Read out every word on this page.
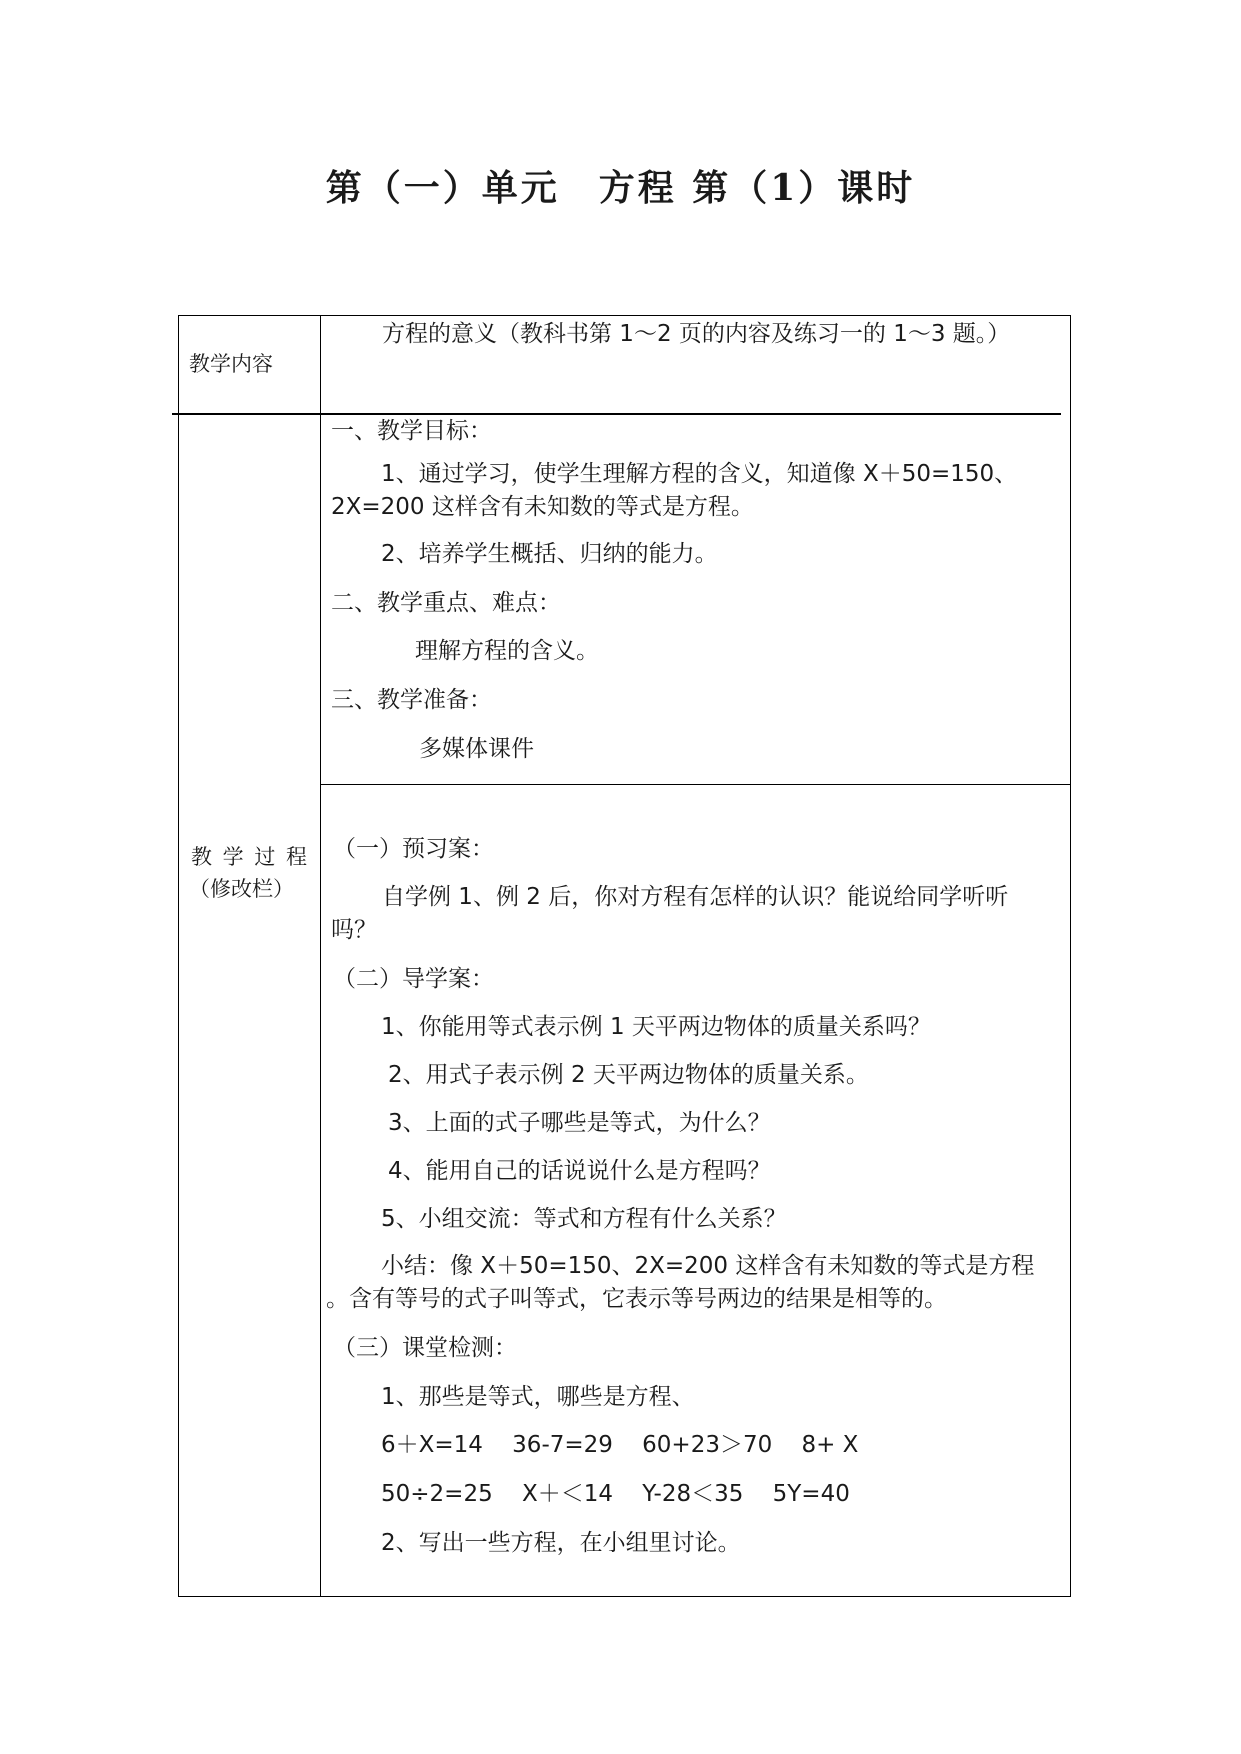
第（一）单元　方程 第（1）课时
教学内容
方程的意义（教科书第 1～2 页的内容及练习一的 1～3 题。）
教 学 过 程
（修改栏）
一、教学目标：
1、通过学习，使学生理解方程的含义，知道像 X＋50=150、
2X=200 这样含有未知数的等式是方程。
2、培养学生概括、归纳的能力。
二、教学重点、难点：
理解方程的含义。
三、教学准备：
多媒体课件
（一）预习案：
自学例 1、例 2 后，你对方程有怎样的认识？能说给同学听听
吗？
（二）导学案：
1、你能用等式表示例 1 天平两边物体的质量关系吗？
2、用式子表示例 2 天平两边物体的质量关系。
3、上面的式子哪些是等式，为什么？
4、能用自己的话说说什么是方程吗？
5、小组交流：等式和方程有什么关系？
小结：像 X＋50=150、2X=200 这样含有未知数的等式是方程
。含有等号的式子叫等式，它表示等号两边的结果是相等的。
（三）课堂检测：
1、那些是等式，哪些是方程、
6＋X=14    36-7=29    60+23＞70    8+ X
50÷2=25    X＋＜14    Y-28＜35    5Y=40
2、写出一些方程，在小组里讨论。
